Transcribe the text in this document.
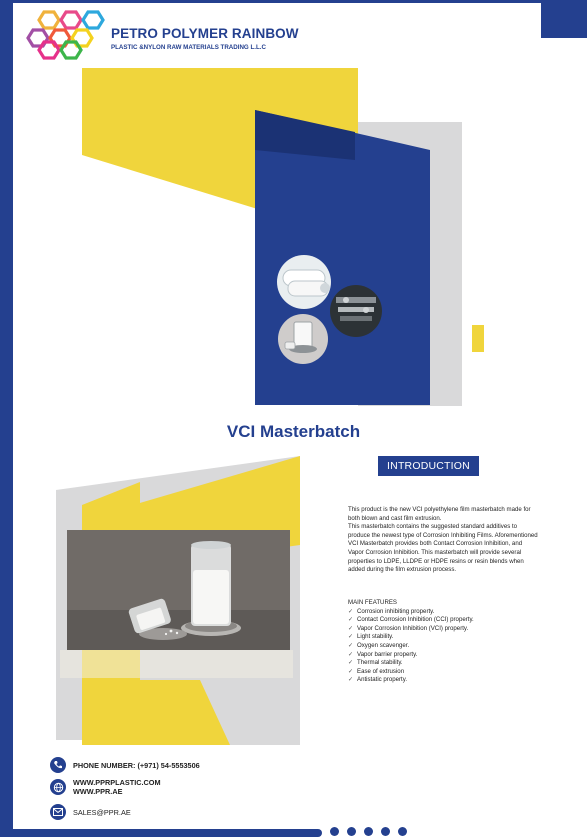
PETRO POLYMER RAINBOW
PLASTIC &NYLON RAW MATERIALS TRADING L.L.C
VCI Masterbatch
INTRODUCTION

This product is the new VCI polyethylene film masterbatch made for both blown and cast film extrusion.

This masterbatch contains the suggested standard additives to produce the newest type of Corrosion Inhibiting Films. Aforementioned VCI Masterbatch provides both Contact Corrosion Inhibition, and Vapor Corrosion Inhibition. This masterbatch will provide several properties to LDPE, LLDPE or HDPE resins or resin blends when added during the film extrusion process.

MAIN FEATURES

✓ Corrosion inhibiting property.
✓ Contact Corrosion Inhibition (CCI) property.
✓ Vapor Corrosion Inhibition (VCI) property.
✓ Light stability.
✓ Oxygen scavenger.
✓ Vapor barrier property.
✓ Thermal stability.
✓ Ease of extrusion
✓ Antistatic property.
PHONE NUMBER: (+971) 54-5553506
WWW.PPRPLASTIC.COM
WWW.PPR.AE
SALES@PPR.AE
